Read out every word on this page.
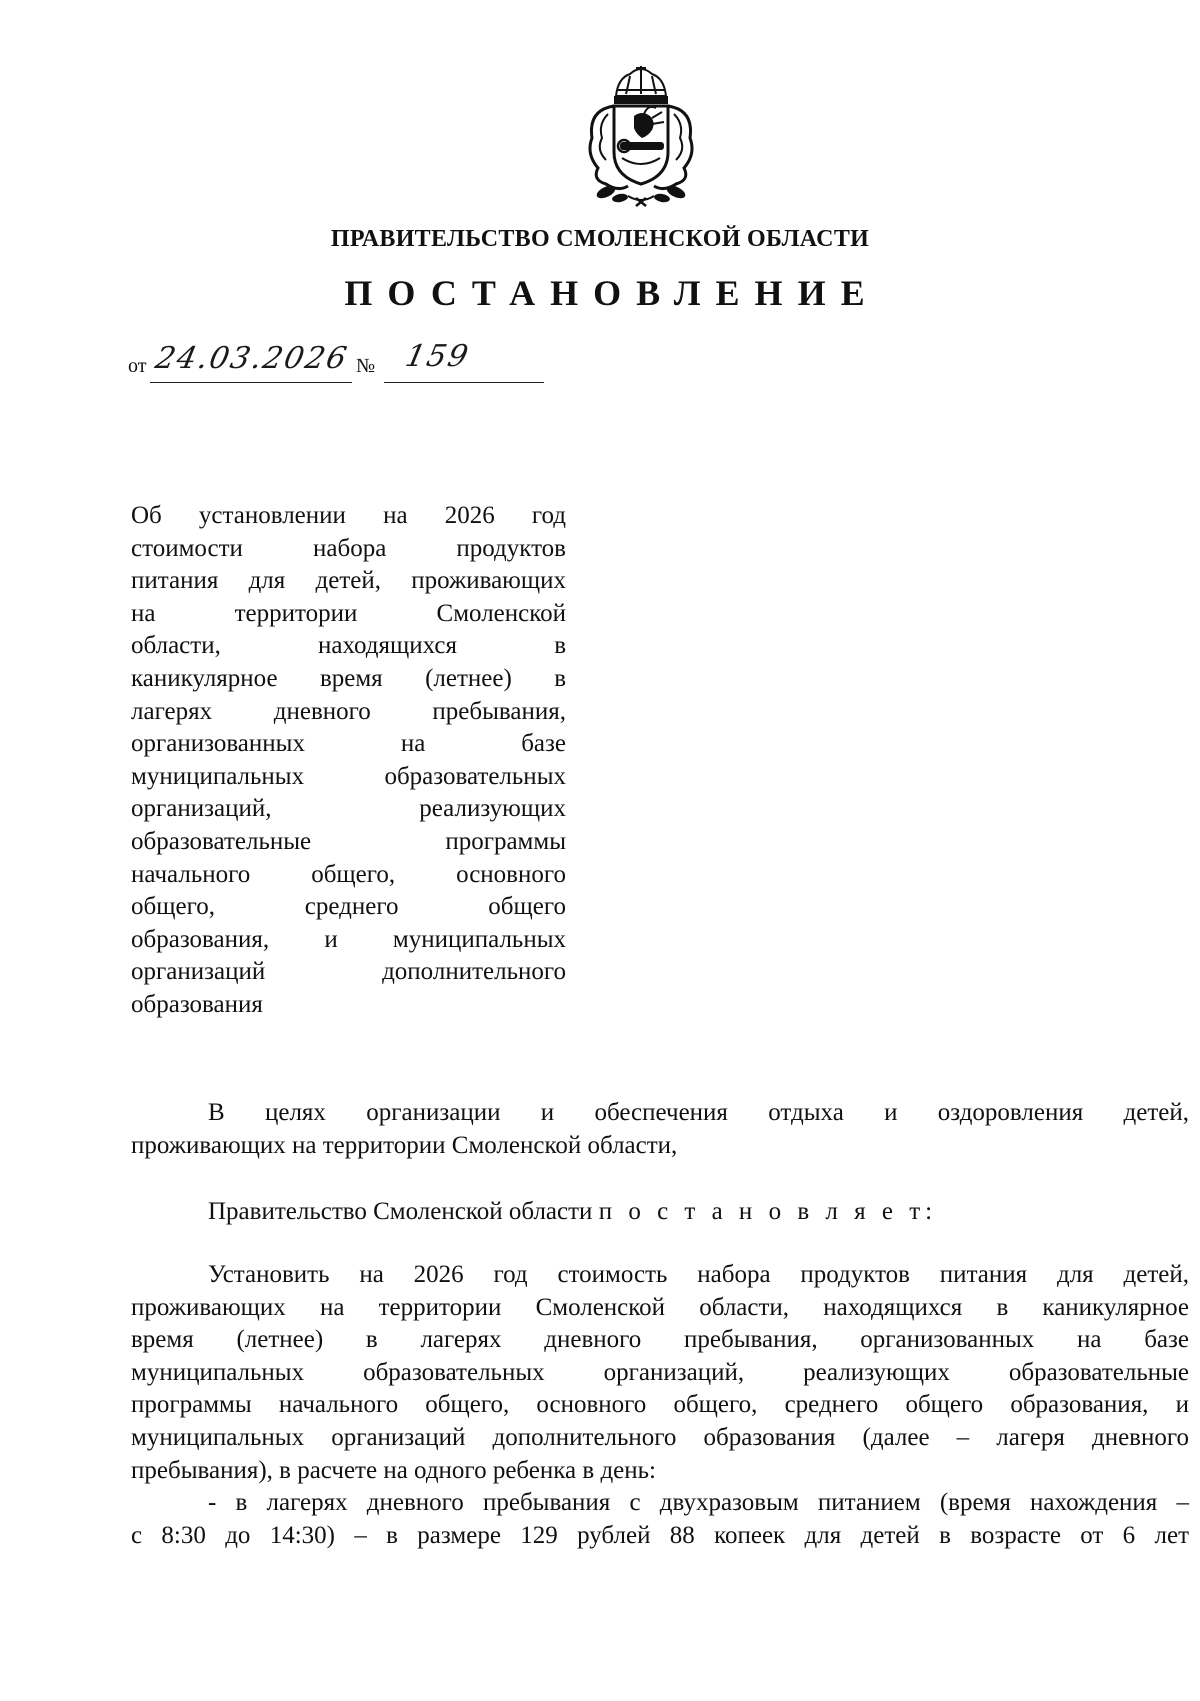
ПРАВИТЕЛЬСТВО СМОЛЕНСКОЙ ОБЛАСТИ
ПОСТАНОВЛЕНИЕ
от 24.03.2026 № 159
Об установлении на 2026 год
стоимости набора продуктов
питания для детей, проживающих
на территории Смоленской
области, находящихся в
каникулярное время (летнее) в
лагерях дневного пребывания,
организованных на базе
муниципальных образовательных
организаций, реализующих
образовательные программы
начального общего, основного
общего, среднего общего
образования, и муниципальных
организаций дополнительного
образования
В целях организации и обеспечения отдыха и оздоровления детей,
проживающих на территории Смоленской области,
Правительство Смоленской области п о с т а н о в л я е т:
Установить на 2026 год стоимость набора продуктов питания для детей,
проживающих на территории Смоленской области, находящихся в каникулярное
время (летнее) в лагерях дневного пребывания, организованных на базе
муниципальных образовательных организаций, реализующих образовательные
программы начального общего, основного общего, среднего общего образования, и
муниципальных организаций дополнительного образования (далее – лагеря дневного
пребывания), в расчете на одного ребенка в день:
- в лагерях дневного пребывания с двухразовым питанием (время нахождения –
с 8:30 до 14:30) – в размере 129 рублей 88 копеек для детей в возрасте от 6 лет
